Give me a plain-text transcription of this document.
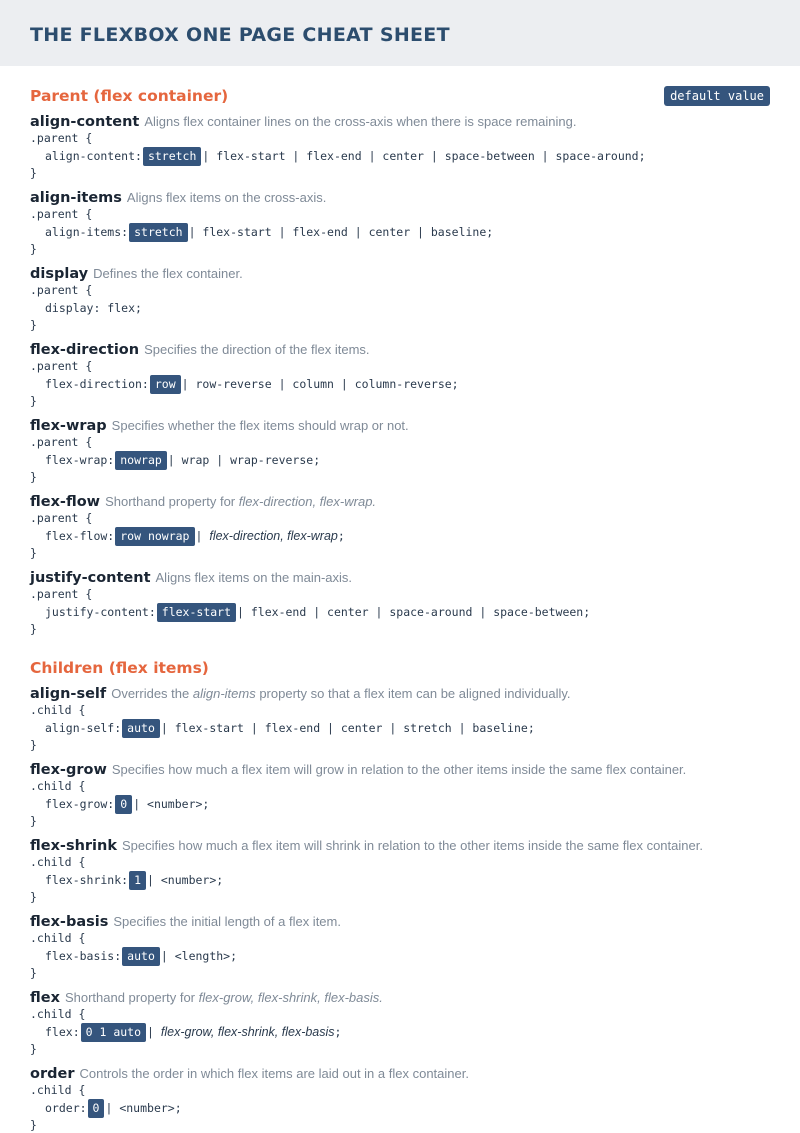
THE FLEXBOX ONE PAGE CHEAT SHEET
default value
Parent (flex container)
align-content Aligns flex container lines on the cross-axis when there is space remaining.
.parent {
align-content: stretch | flex-start | flex-end | center | space-between | space-around;
}
align-items Aligns flex items on the cross-axis.
.parent {
align-items: stretch | flex-start | flex-end | center | baseline;
}
display Defines the flex container.
.parent {
display: flex;
}
flex-direction Specifies the direction of the flex items.
.parent {
flex-direction: row | row-reverse | column | column-reverse;
}
flex-wrap Specifies whether the flex items should wrap or not.
.parent {
flex-wrap: nowrap | wrap | wrap-reverse;
}
flex-flow Shorthand property for flex-direction, flex-wrap.
.parent {
flex-flow: row nowrap | flex-direction, flex-wrap;
}
justify-content Aligns flex items on the main-axis.
.parent {
justify-content: flex-start | flex-end | center | space-around | space-between;
}
Children (flex items)
align-self Overrides the align-items property so that a flex item can be aligned individually.
.child {
align-self: auto | flex-start | flex-end | center | stretch | baseline;
}
flex-grow Specifies how much a flex item will grow in relation to the other items inside the same flex container.
.child {
flex-grow: 0 | <number>;
}
flex-shrink Specifies how much a flex item will shrink in relation to the other items inside the same flex container.
.child {
flex-shrink: 1 | <number>;
}
flex-basis Specifies the initial length of a flex item.
.child {
flex-basis: auto | <length>;
}
flex Shorthand property for flex-grow, flex-shrink, flex-basis.
.child {
flex: 0 1 auto | flex-grow, flex-shrink, flex-basis;
}
order Controls the order in which flex items are laid out in a flex container.
.child {
order: 0 | <number>;
}
